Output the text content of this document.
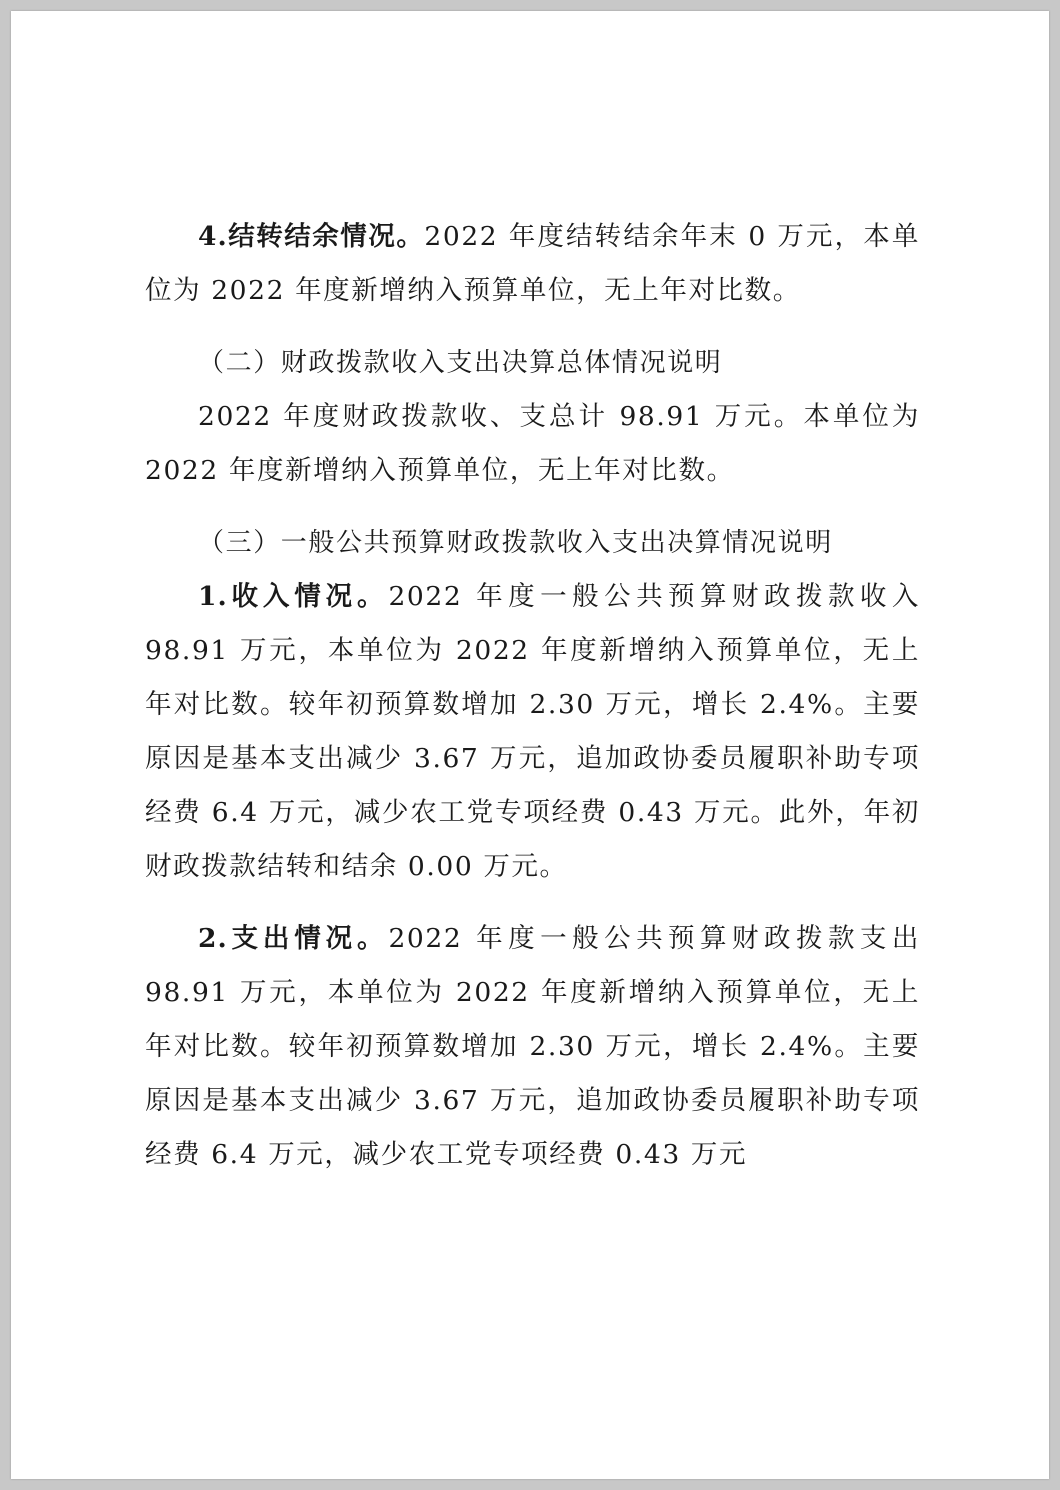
4.结转结余情况。2022 年度结转结余年末 0 万元，本单位为 2022 年度新增纳入预算单位，无上年对比数。

（二）财政拨款收入支出决算总体情况说明

2022 年度财政拨款收、支总计 98.91 万元。本单位为 2022 年度新增纳入预算单位，无上年对比数。

（三）一般公共预算财政拨款收入支出决算情况说明

1.收入情况。2022 年度一般公共预算财政拨款收入 98.91 万元，本单位为 2022 年度新增纳入预算单位，无上年对比数。较年初预算数增加 2.30 万元，增长 2.4%。主要原因是基本支出减少 3.67 万元，追加政协委员履职补助专项经费 6.4 万元，减少农工党专项经费 0.43 万元。此外，年初财政拨款结转和结余 0.00 万元。

2.支出情况。2022 年度一般公共预算财政拨款支出 98.91 万元，本单位为 2022 年度新增纳入预算单位，无上年对比数。较年初预算数增加 2.30 万元，增长 2.4%。主要原因是基本支出减少 3.67 万元，追加政协委员履职补助专项经费 6.4 万元，减少农工党专项经费 0.43 万元
